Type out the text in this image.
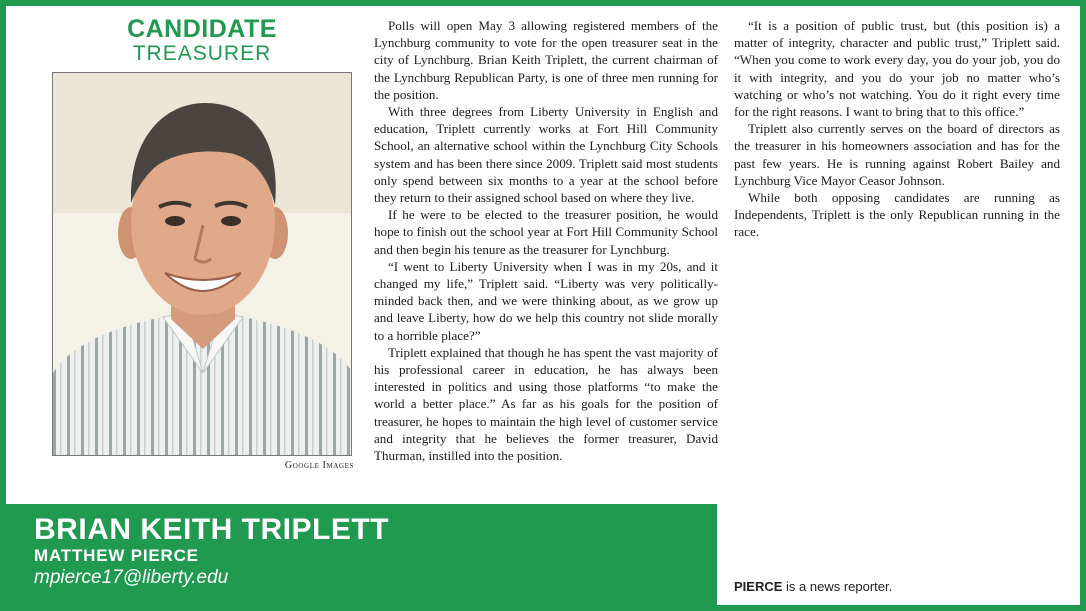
CANDIDATE
TREASURER
Google Images

Polls will open May 3 allowing registered members of the Lynchburg community to vote for the open treasurer seat in the city of Lynchburg. Brian Keith Triplett, the current chairman of the Lynchburg Republican Party, is one of three men running for the position.

With three degrees from Liberty University in English and education, Triplett currently works at Fort Hill Community School, an alternative school within the Lynchburg City Schools system and has been there since 2009. Triplett said most students only spend between six months to a year at the school before they return to their assigned school based on where they live.

If he were to be elected to the treasurer position, he would hope to finish out the school year at Fort Hill Community School and then begin his tenure as the treasurer for Lynchburg.

“I went to Liberty University when I was in my 20s, and it changed my life,” Triplett said. “Liberty was very politically-minded back then, and we were thinking about, as we grow up and leave Liberty, how do we help this country not slide morally to a horrible place?”

Triplett explained that though he has spent the vast majority of his professional career in education, he has always been interested in politics and using those platforms “to make the world a better place.” As far as his goals for the position of treasurer, he hopes to maintain the high level of customer service and integrity that he believes the former treasurer, David Thurman, instilled into the position.

“It is a position of public trust, but (this position is) a matter of integrity, character and public trust,” Triplett said. “When you come to work every day, you do your job, you do it with integrity, and you do your job no matter who’s watching or who’s not watching. You do it right every time for the right reasons. I want to bring that to this office.”

Triplett also currently serves on the board of directors as the treasurer in his homeowners association and has for the past few years. He is running against Robert Bailey and Lynchburg Vice Mayor Ceasor Johnson.

While both opposing candidates are running as Independents, Triplett is the only Republican running in the race.

BRIAN KEITH TRIPLETT
MATTHEW PIERCE
mpierce17@liberty.edu	PIERCE is a news reporter.
